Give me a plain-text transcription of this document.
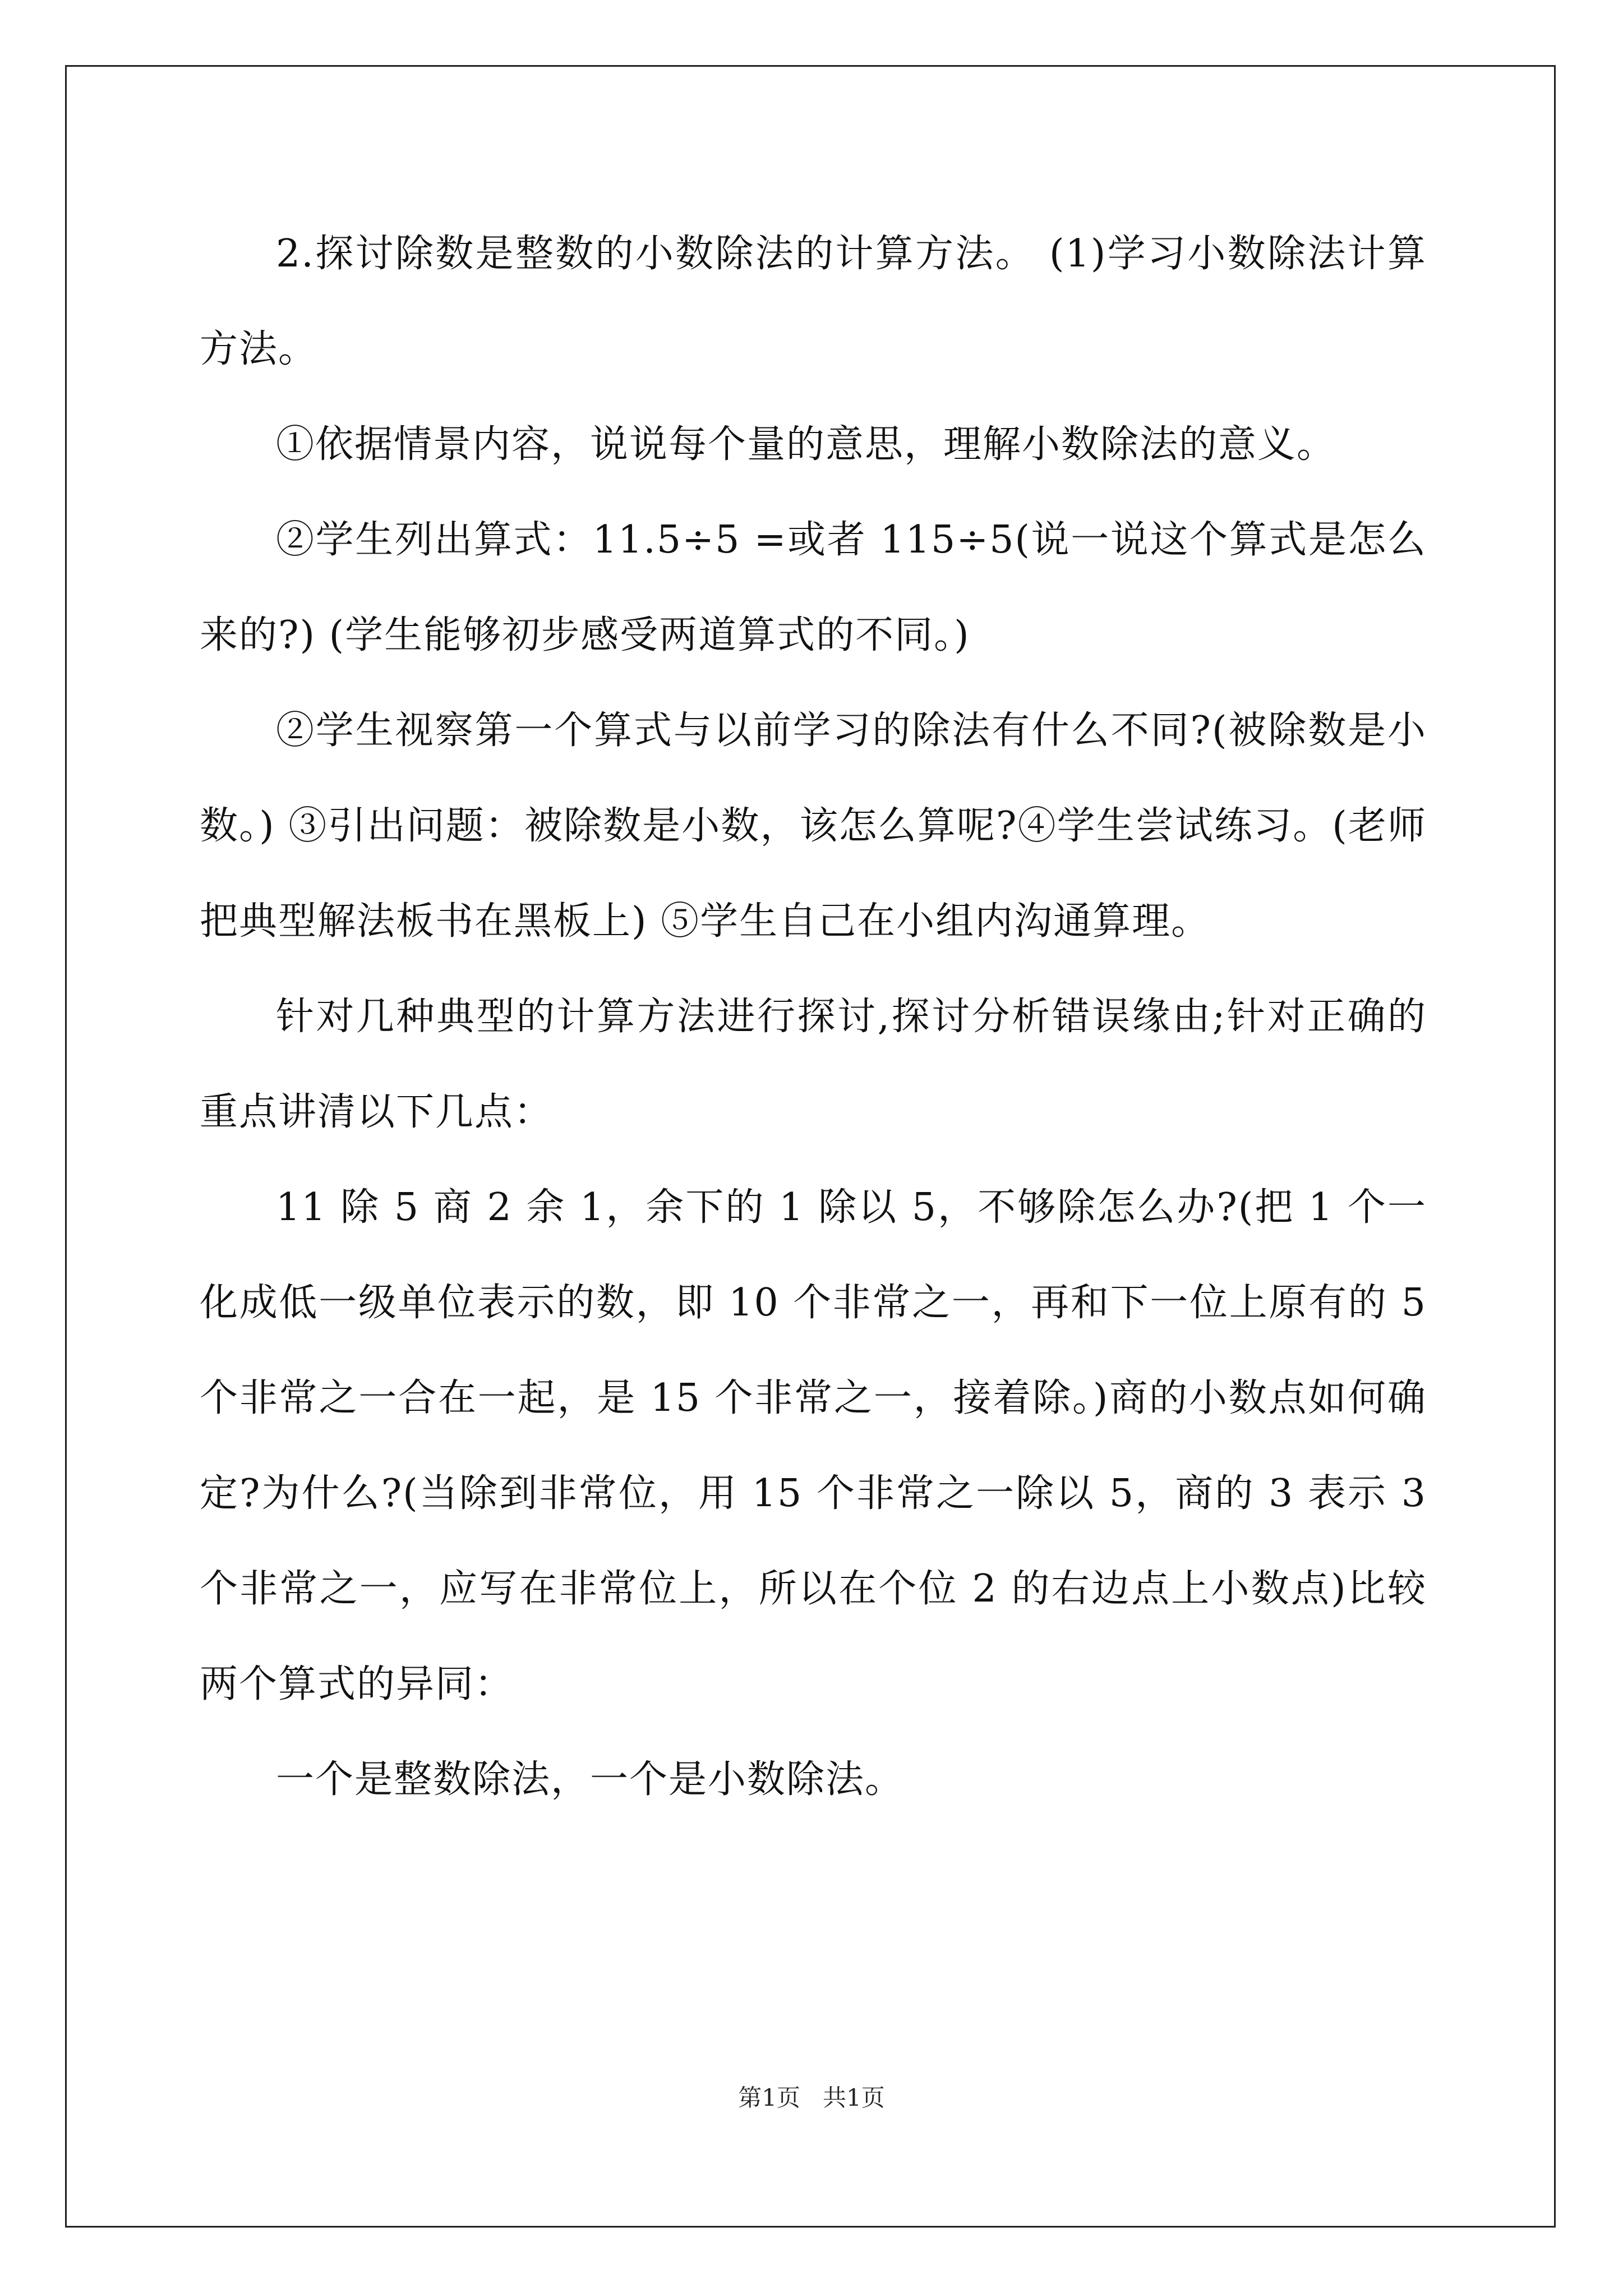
2.探讨除数是整数的小数除法的计算方法。 (1)学习小数除法计算方法。

①依据情景内容，说说每个量的意思，理解小数除法的意义。

②学生列出算式：11.5÷5 =或者 115÷5(说一说这个算式是怎么来的?) (学生能够初步感受两道算式的不同。)

②学生视察第一个算式与以前学习的除法有什么不同?(被除数是小数。) ③引出问题：被除数是小数，该怎么算呢?④学生尝试练习。(老师把典型解法板书在黑板上) ⑤学生自己在小组内沟通算理。

针对几种典型的计算方法进行探讨,探讨分析错误缘由;针对正确的重点讲清以下几点：

11 除 5 商 2 余 1，余下的 1 除以 5，不够除怎么办?(把 1 个一化成低一级单位表示的数，即 10 个非常之一，再和下一位上原有的 5 个非常之一合在一起，是 15 个非常之一，接着除。)商的小数点如何确定?为什么?(当除到非常位，用 15 个非常之一除以 5，商的 3 表示 3 个非常之一，应写在非常位上，所以在个位 2 的右边点上小数点)比较两个算式的异同：

一个是整数除法，一个是小数除法。

第1页 共1页
